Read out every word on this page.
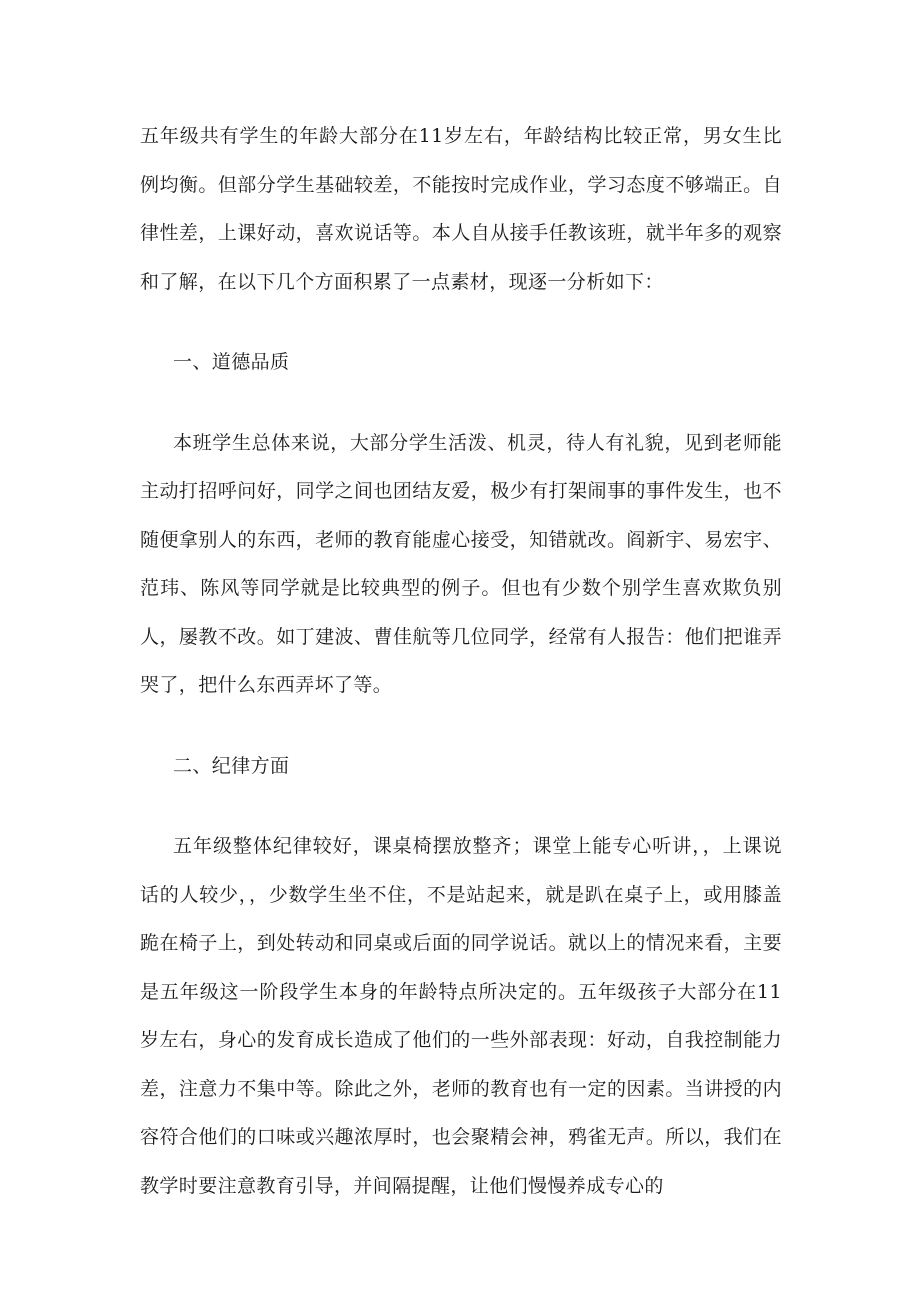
五年级共有学生的年龄大部分在11岁左右，年龄结构比较正常，男女生比例均衡。但部分学生基础较差，不能按时完成作业，学习态度不够端正。自律性差，上课好动，喜欢说话等。本人自从接手任教该班，就半年多的观察和了解，在以下几个方面积累了一点素材，现逐一分析如下：

一、道德品质

本班学生总体来说，大部分学生活泼、机灵，待人有礼貌，见到老师能主动打招呼问好，同学之间也团结友爱，极少有打架闹事的事件发生，也不随便拿别人的东西，老师的教育能虚心接受，知错就改。阎新宇、易宏宇、范玮、陈风等同学就是比较典型的例子。但也有少数个别学生喜欢欺负别人，屡教不改。如丁建波、曹佳航等几位同学，经常有人报告：他们把谁弄哭了，把什么东西弄坏了等。

二、纪律方面

五年级整体纪律较好，课桌椅摆放整齐；课堂上能专心听讲，，上课说话的人较少，，少数学生坐不住，不是站起来，就是趴在桌子上，或用膝盖跪在椅子上，到处转动和同桌或后面的同学说话。就以上的情况来看，主要是五年级这一阶段学生本身的年龄特点所决定的。五年级孩子大部分在11岁左右，身心的发育成长造成了他们的一些外部表现：好动，自我控制能力差，注意力不集中等。除此之外，老师的教育也有一定的因素。当讲授的内容符合他们的口味或兴趣浓厚时，也会聚精会神，鸦雀无声。所以，我们在教学时要注意教育引导，并间隔提醒，让他们慢慢养成专心的
